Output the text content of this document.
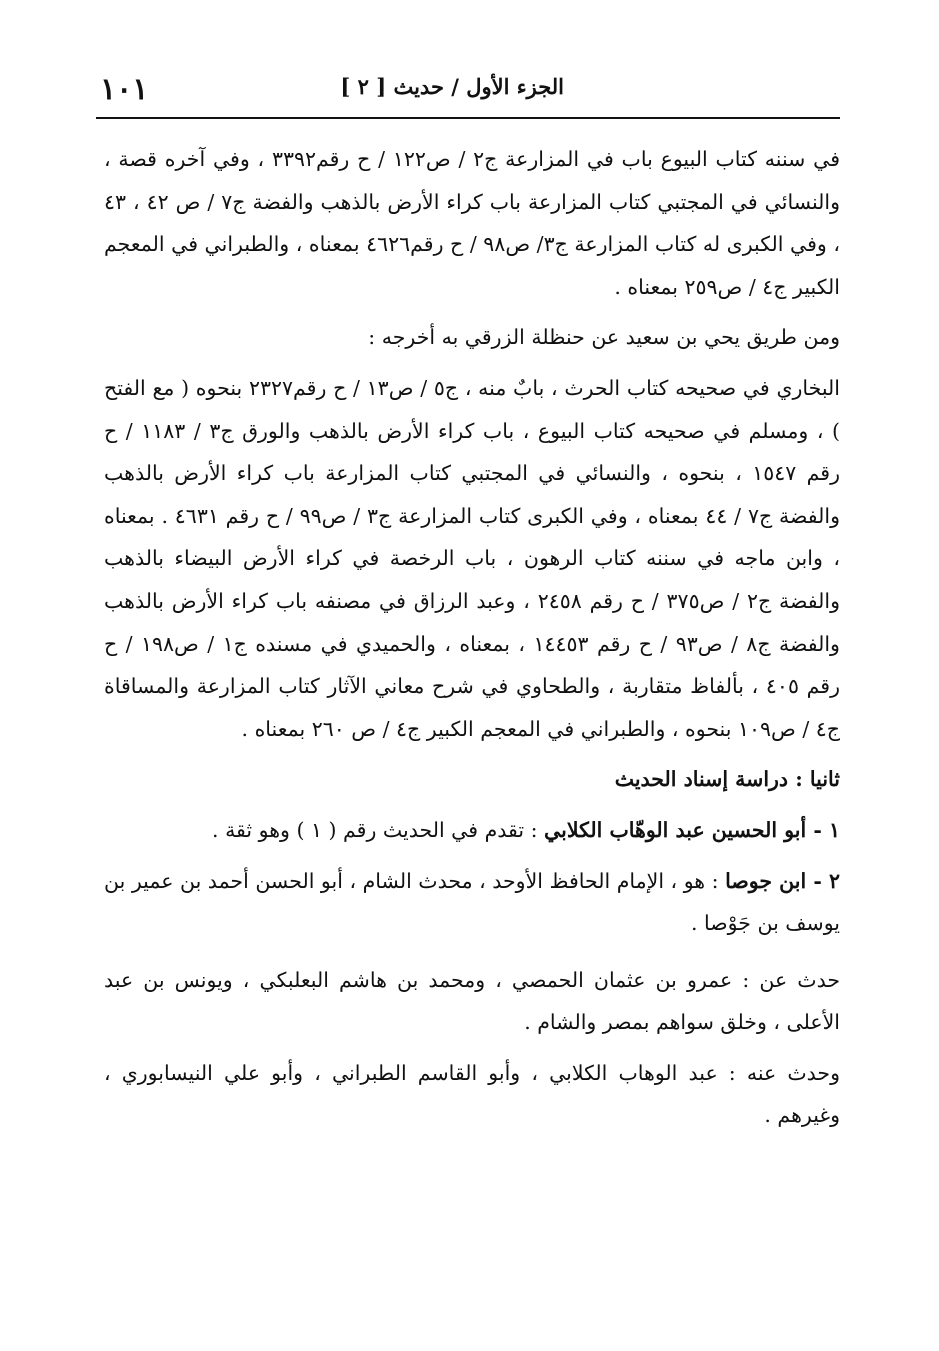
١٠١	الجزء الأول / حديث [ ٢ ]

في سننه كتاب البيوع باب في المزارعة ج٢ / ص١٢٢ / ح رقم٣٣٩٢ ، وفي آخره قصة ، والنسائي في المجتبي كتاب المزارعة باب كراء الأرض بالذهب والفضة ج٧ / ص ٤٢ ، ٤٣ ، وفي الكبرى له كتاب المزارعة ج٣/ ص٩٨ / ح رقم٤٦٢٦ بمعناه ، والطبراني في المعجم الكبير ج٤ / ص٢٥٩ بمعناه .

ومن طريق يحي بن سعيد عن حنظلة الزرقي به أخرجه :

البخاري في صحيحه كتاب الحرث ، بابٌ منه ، ج٥ / ص١٣ / ح رقم٢٣٢٧ بنحوه ( مع الفتح ) ، ومسلم في صحيحه كتاب البيوع ، باب كراء الأرض بالذهب والورق ج٣ / ١١٨٣ / ح رقم ١٥٤٧ ، بنحوه ، والنسائي في المجتبي كتاب المزارعة باب كراء الأرض بالذهب والفضة ج٧ / ٤٤ بمعناه ، وفي الكبرى كتاب المزارعة ج٣ / ص٩٩ / ح رقم ٤٦٣١ . بمعناه ، وابن ماجه في سننه كتاب الرهون ، باب الرخصة في كراء الأرض البيضاء بالذهب والفضة ج٢ / ص٣٧٥ / ح رقم ٢٤٥٨ ، وعبد الرزاق في مصنفه باب كراء الأرض بالذهب والفضة ج٨ / ص٩٣ / ح رقم ١٤٤٥٣ ، بمعناه ، والحميدي في مسنده ج١ / ص١٩٨ / ح رقم ٤٠٥ ، بألفاظ متقاربة ، والطحاوي في شرح معاني الآثار كتاب المزارعة والمساقاة ج٤ / ص١٠٩ بنحوه ، والطبراني في المعجم الكبير ج٤ / ص ٢٦٠ بمعناه .

ثانيا : دراسة إسناد الحديث

١ - أبو الحسين عبد الوهّاب الكلابي : تقدم في الحديث رقم ( ١ ) وهو ثقة .

٢ - ابن جوصا : هو ، الإمام الحافظ الأوحد ، محدث الشام ، أبو الحسن أحمد بن عمير بن يوسف بن جَوْصا .

حدث عن : عمرو بن عثمان الحمصي ، ومحمد بن هاشم البعلبكي ، ويونس بن عبد الأعلى ، وخلق سواهم بمصر والشام .

وحدث عنه : عبد الوهاب الكلابي ، وأبو القاسم الطبراني ، وأبو علي النيسابوري ، وغيرهم .
